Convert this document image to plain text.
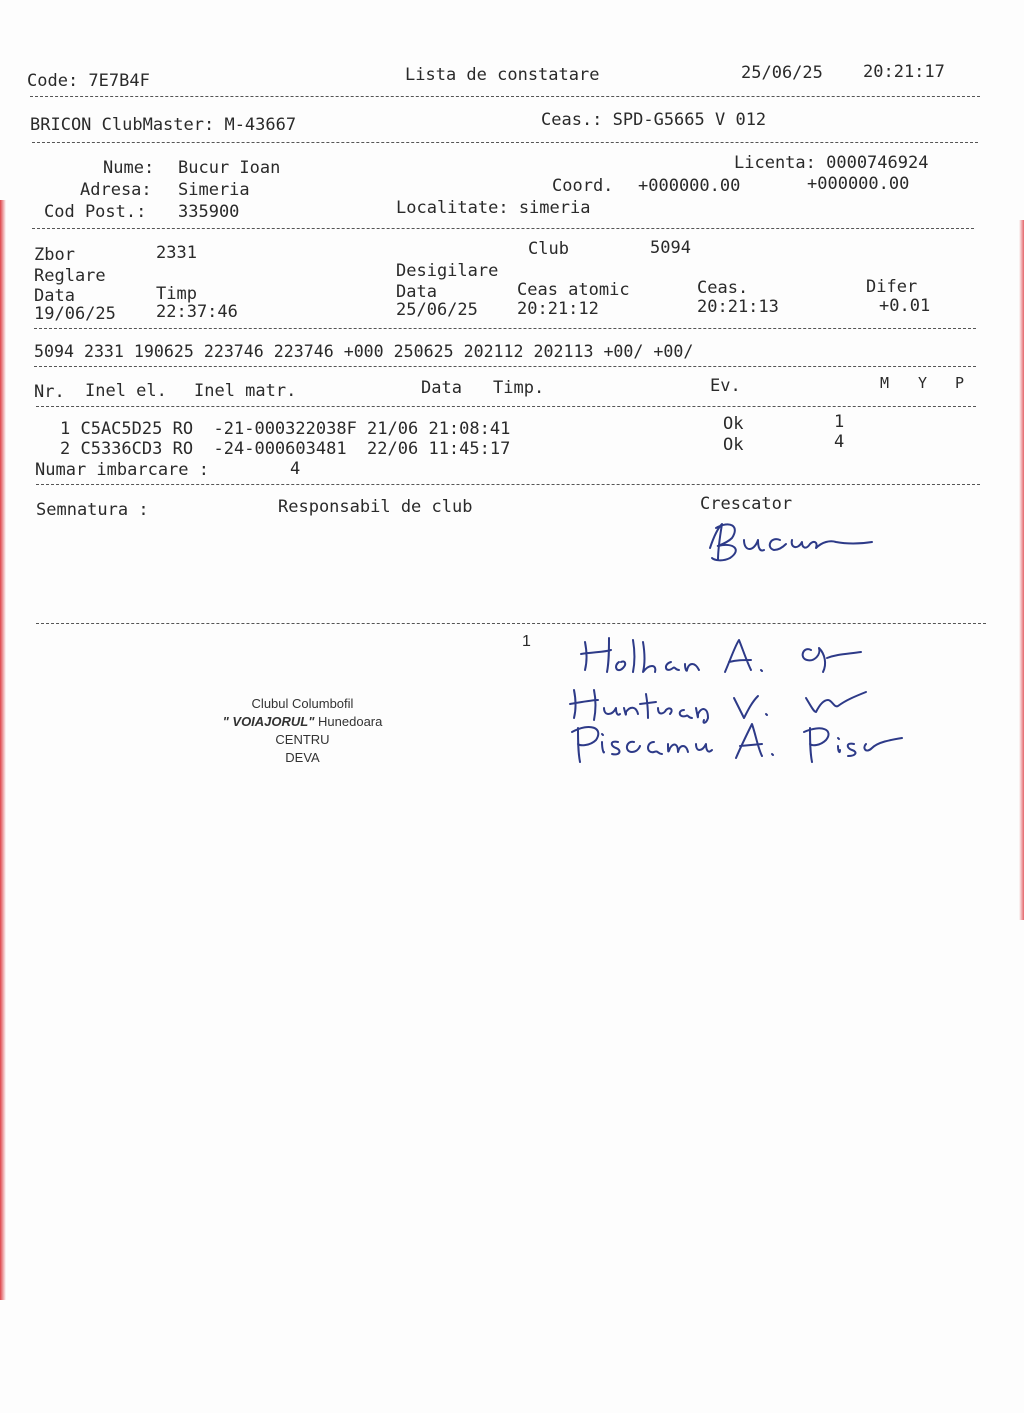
Code: 7E7B4F	Lista de constatare	25/06/25 20:21:17
BRICON ClubMaster: M-43667	Ceas.: SPD-G5665 V 012
Nume: Bucur Ioan
Adresa: Simeria
Cod Post.: 335900
Licenta: 0000746924
Coord. +000000.00	+000000.00
Localitate: simeria
Zbor	2331	Club	5094
Reglare	Desigilare
Data	Timp	Data	Ceas atomic	Ceas.	Difer
19/06/25 22:37:46	25/06/25 20:21:12	20:21:13	+0.01
5094 2331 190625 223746 223746 +000 250625 202112 202113 +00/ +00/
Nr. Inel el. Inel matr.	Data Timp.	Ev.	M Y P
1 C5AC5D25 RO  -21-000322038F 21/06 21:08:41	Ok	1
2 C5336CD3 RO  -24-000603481  22/06 11:45:17	Ok	4
Numar imbarcare :	4
Semnatura :	Responsabil de club	Crescator
1
Clubul Columbofil
" VOIAJORUL" Hunedoara
CENTRU
DEVA
